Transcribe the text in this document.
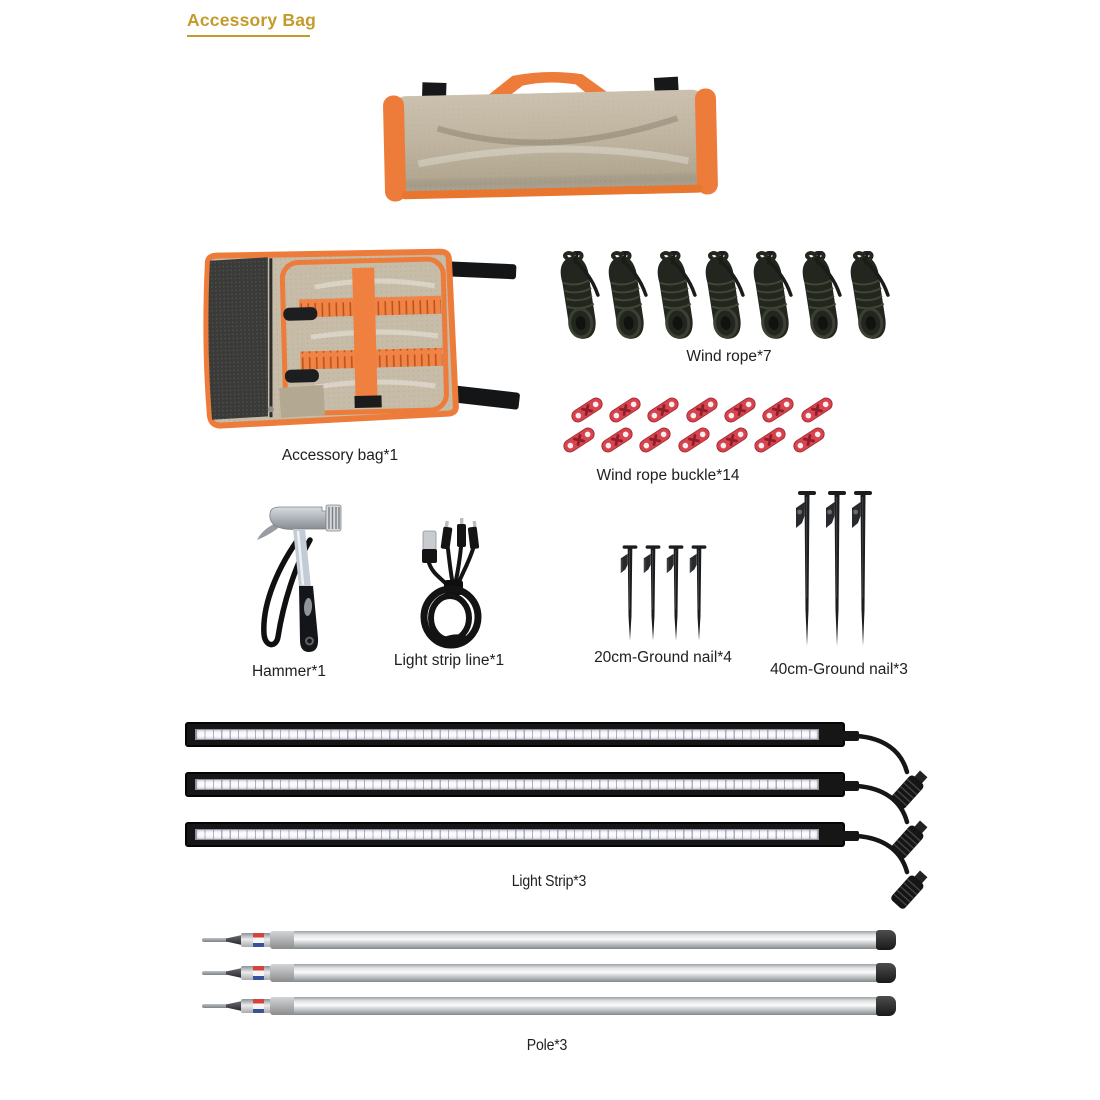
Accessory Bag
Accessory bag*1
Wind rope*7
Wind rope buckle*14
Hammer*1
Light strip line*1	20cm-Ground nail*4
40cm-Ground nail*3
Light Strip*3
Pole*3
